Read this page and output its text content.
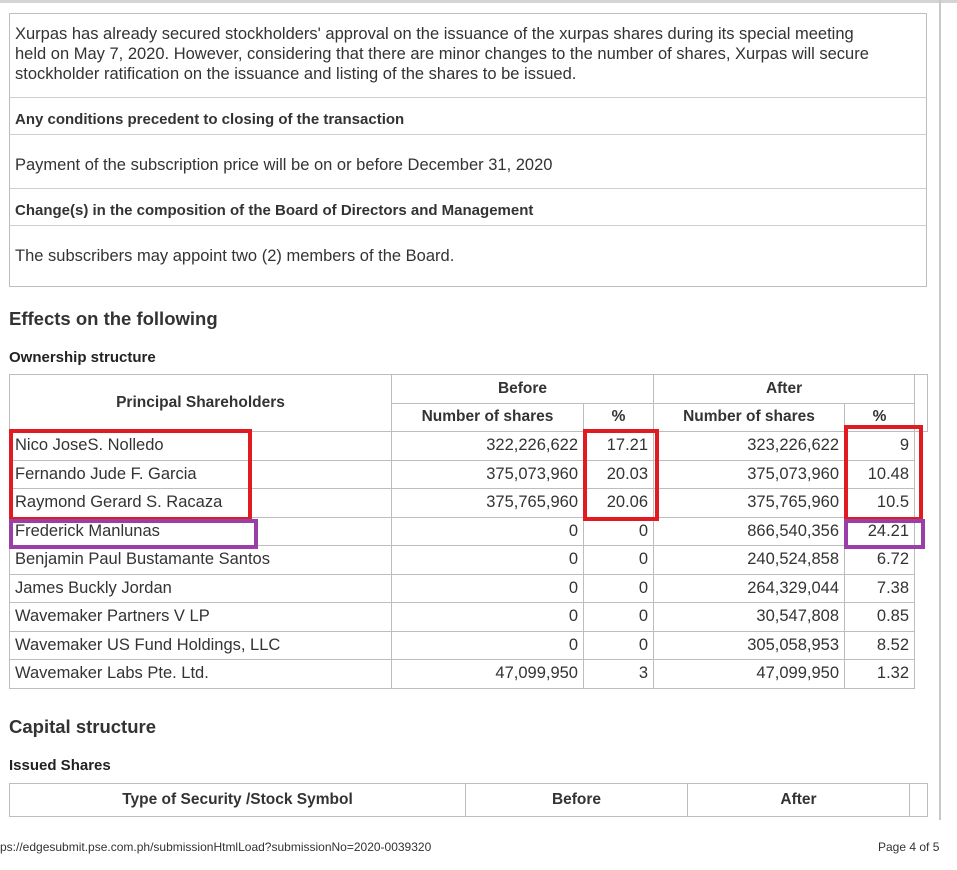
Xurpas has already secured stockholders' approval on the issuance of the xurpas shares during its special meeting
held on May 7, 2020. However, considering that there are minor changes to the number of shares, Xurpas will secure
stockholder ratification on the issuance and listing of the shares to be issued.
Any conditions precedent to closing of the transaction
Payment of the subscription price will be on or before December 31, 2020
Change(s) in the composition of the Board of Directors and Management
The subscribers may appoint two (2) members of the Board.
Effects on the following
Ownership structure
Principal Shareholders	Before		After		
	Number of shares	%	Number of shares	%	
Nico JoseS. Nolledo	322,226,622	17.21	323,226,622	9	
Fernando Jude F. Garcia	375,073,960	20.03	375,073,960	10.48	
Raymond Gerard S. Racaza	375,765,960	20.06	375,765,960	10.5	
Frederick Manlunas	0	0	866,540,356	24.21	
Benjamin Paul Bustamante Santos	0	0	240,524,858	6.72	
James Buckly Jordan	0	0	264,329,044	7.38	
Wavemaker Partners V LP	0	0	30,547,808	0.85	
Wavemaker US Fund Holdings, LLC	0	0	305,058,953	8.52	
Wavemaker Labs Pte. Ltd.	47,099,950	3	47,099,950	1.32	
Capital structure
Issued Shares
Type of Security /Stock Symbol	Before	After	
ps://edgesubmit.pse.com.ph/submissionHtmlLoad?submissionNo=2020-0039320	Page 4 of 5
